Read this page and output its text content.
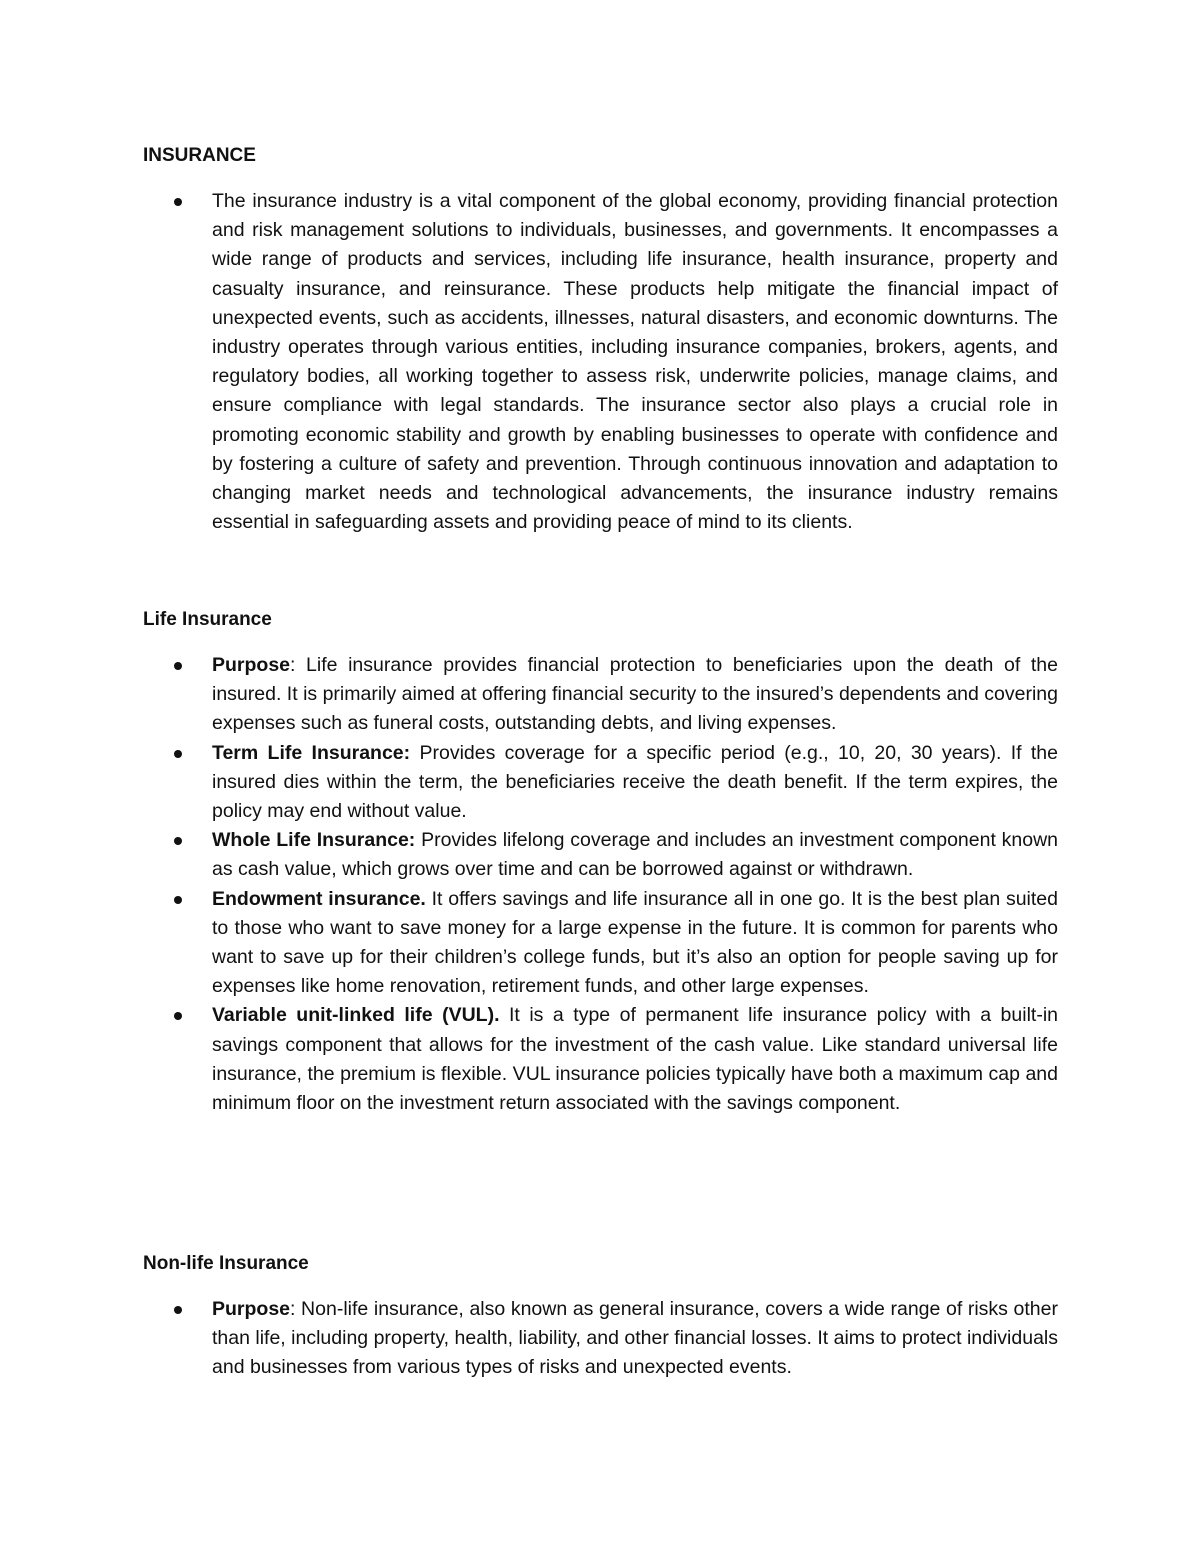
INSURANCE
The insurance industry is a vital component of the global economy, providing financial protection and risk management solutions to individuals, businesses, and governments. It encompasses a wide range of products and services, including life insurance, health insurance, property and casualty insurance, and reinsurance. These products help mitigate the financial impact of unexpected events, such as accidents, illnesses, natural disasters, and economic downturns. The industry operates through various entities, including insurance companies, brokers, agents, and regulatory bodies, all working together to assess risk, underwrite policies, manage claims, and ensure compliance with legal standards. The insurance sector also plays a crucial role in promoting economic stability and growth by enabling businesses to operate with confidence and by fostering a culture of safety and prevention. Through continuous innovation and adaptation to changing market needs and technological advancements, the insurance industry remains essential in safeguarding assets and providing peace of mind to its clients.
Life Insurance
Purpose: Life insurance provides financial protection to beneficiaries upon the death of the insured. It is primarily aimed at offering financial security to the insured’s dependents and covering expenses such as funeral costs, outstanding debts, and living expenses.
Term Life Insurance: Provides coverage for a specific period (e.g., 10, 20, 30 years). If the insured dies within the term, the beneficiaries receive the death benefit. If the term expires, the policy may end without value.
Whole Life Insurance: Provides lifelong coverage and includes an investment component known as cash value, which grows over time and can be borrowed against or withdrawn.
Endowment insurance. It offers savings and life insurance all in one go. It is the best plan suited to those who want to save money for a large expense in the future. It is common for parents who want to save up for their children’s college funds, but it’s also an option for people saving up for expenses like home renovation, retirement funds, and other large expenses.
Variable unit-linked life (VUL). It is a type of permanent life insurance policy with a built-in savings component that allows for the investment of the cash value. Like standard universal life insurance, the premium is flexible. VUL insurance policies typically have both a maximum cap and minimum floor on the investment return associated with the savings component.
Non-life Insurance
Purpose: Non-life insurance, also known as general insurance, covers a wide range of risks other than life, including property, health, liability, and other financial losses. It aims to protect individuals and businesses from various types of risks and unexpected events.
